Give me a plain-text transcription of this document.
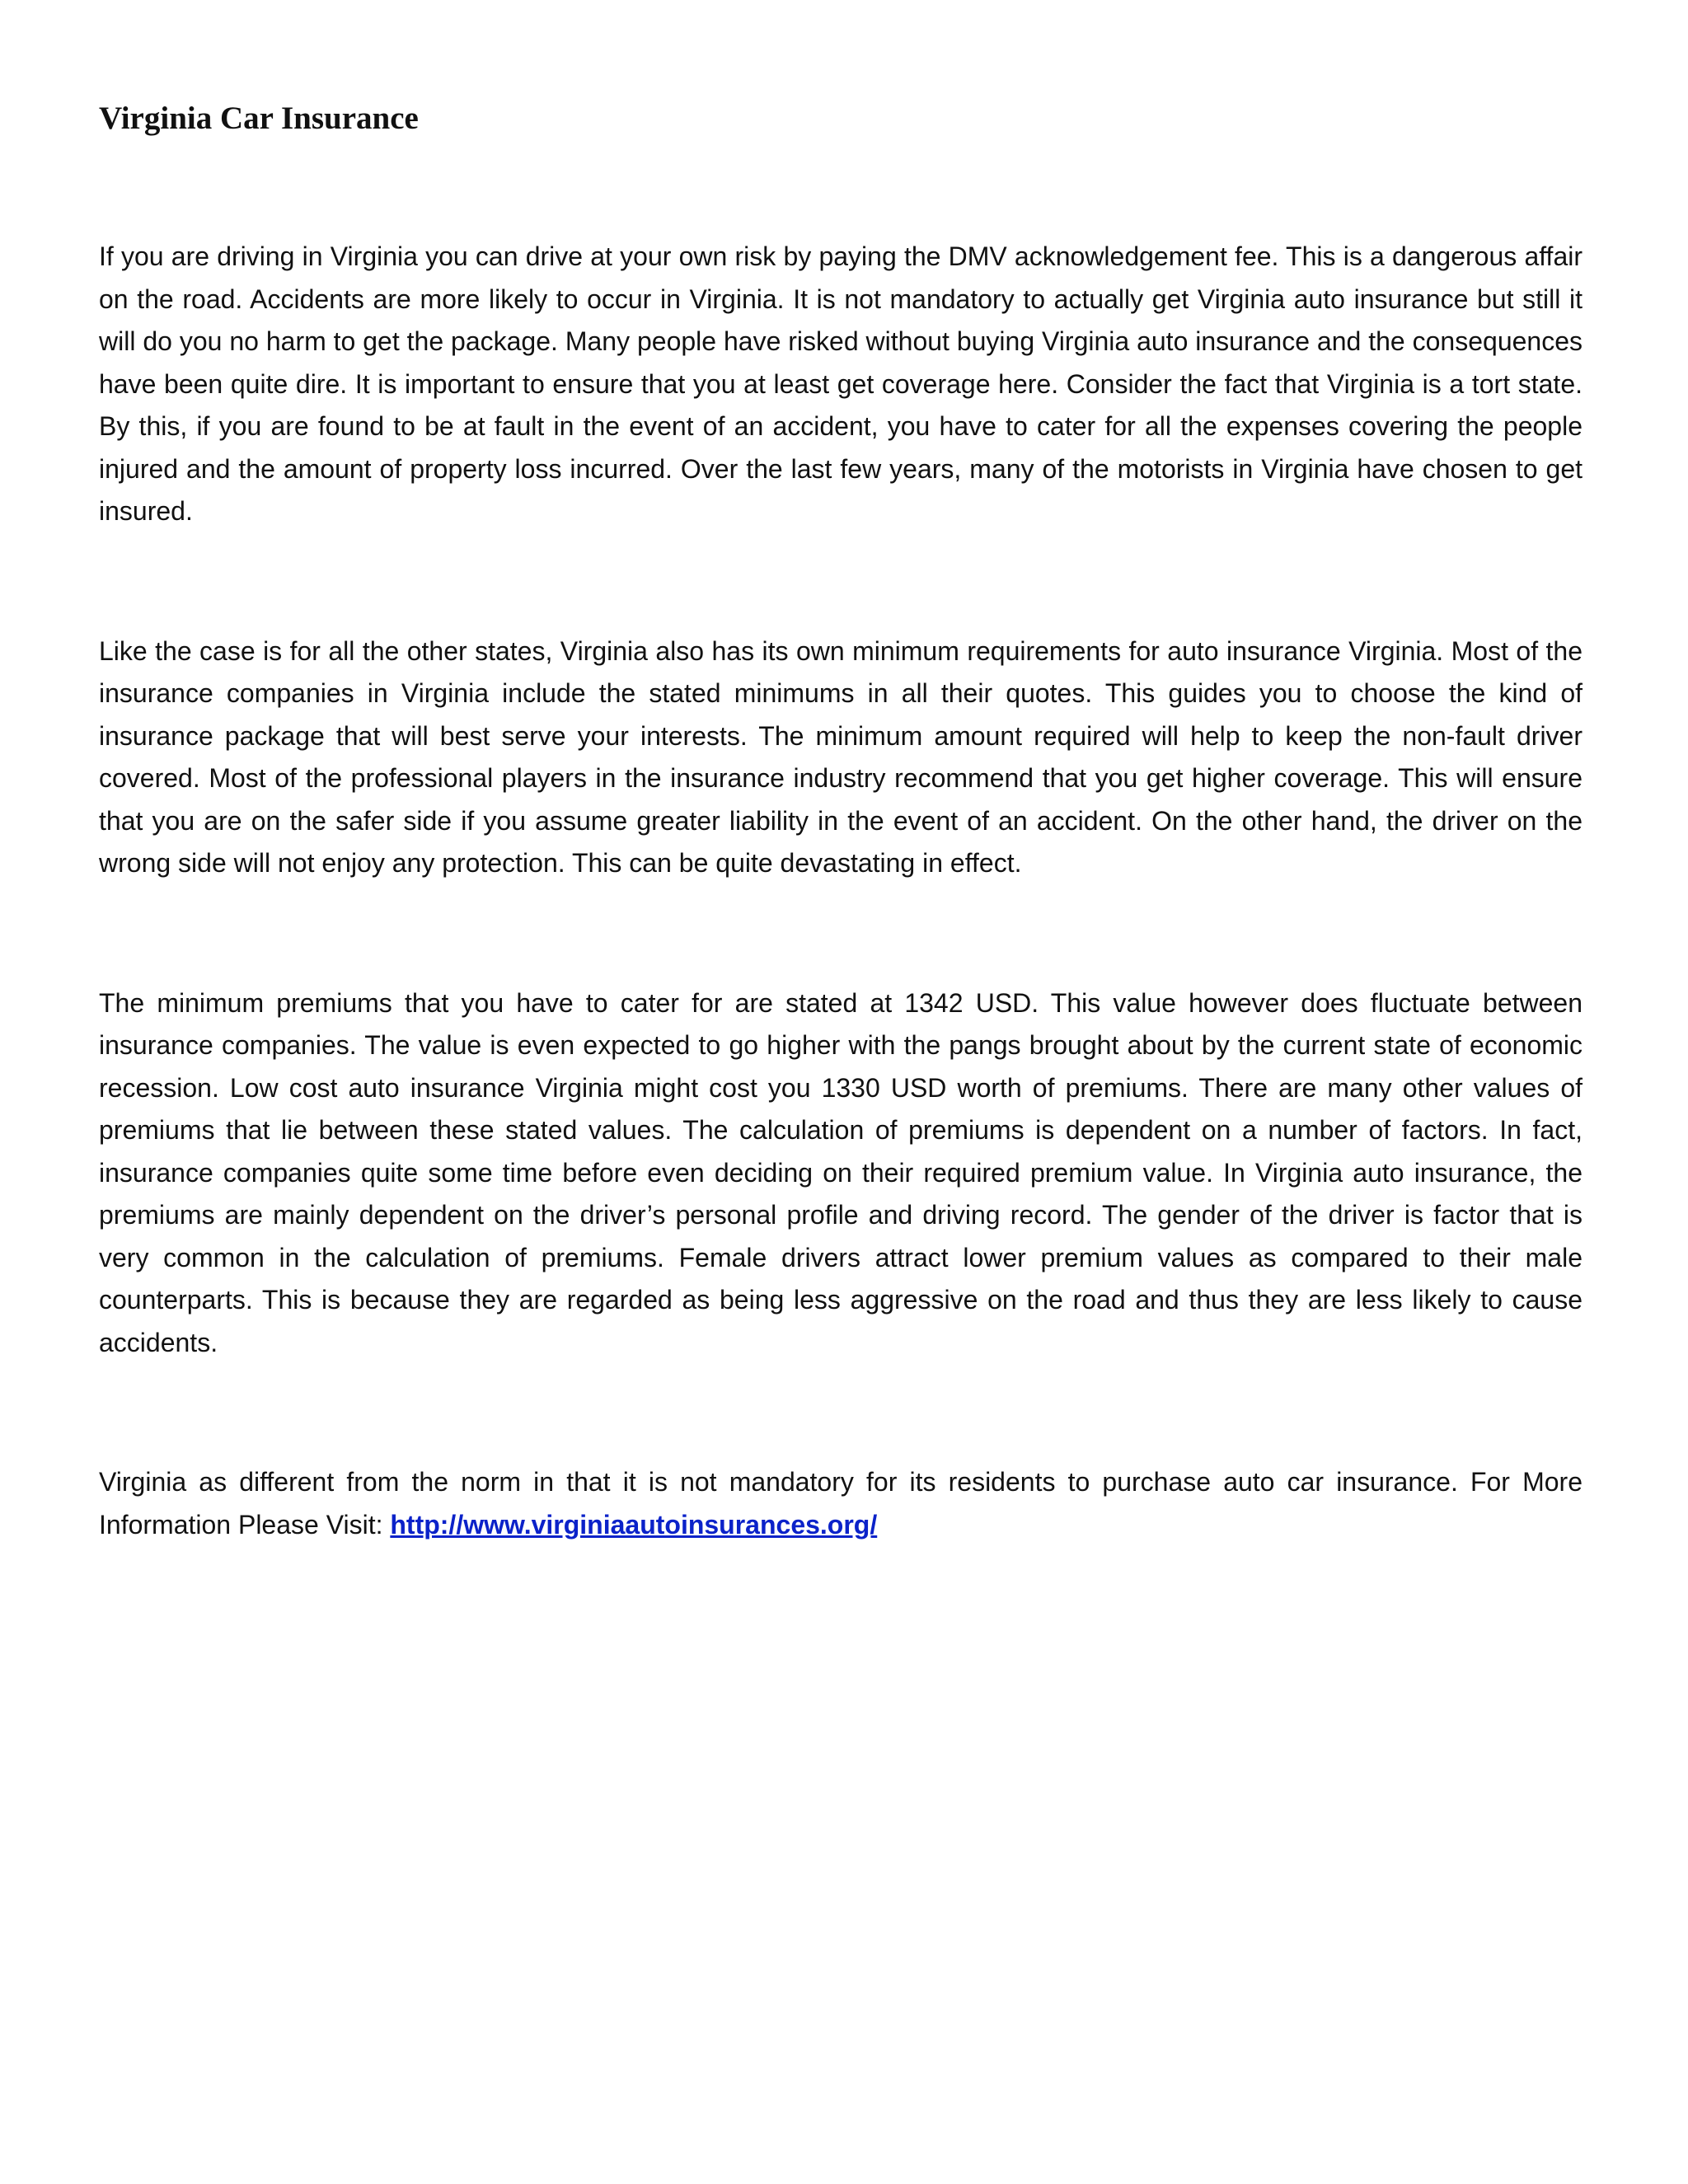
Virginia Car Insurance

If you are driving in Virginia you can drive at your own risk by paying the DMV acknowledgement fee. This is a dangerous affair on the road. Accidents are more likely to occur in Virginia. It is not mandatory to actually get Virginia auto insurance but still it will do you no harm to get the package. Many people have risked without buying Virginia auto insurance and the consequences have been quite dire. It is important to ensure that you at least get coverage here. Consider the fact that Virginia is a tort state. By this, if you are found to be at fault in the event of an accident, you have to cater for all the expenses covering the people injured and the amount of property loss incurred. Over the last few years, many of the motorists in Virginia have chosen to get insured.

Like the case is for all the other states, Virginia also has its own minimum requirements for auto insurance Virginia. Most of the insurance companies in Virginia include the stated minimums in all their quotes. This guides you to choose the kind of insurance package that will best serve your interests. The minimum amount required will help to keep the non-fault driver covered. Most of the professional players in the insurance industry recommend that you get higher coverage. This will ensure that you are on the safer side if you assume greater liability in the event of an accident. On the other hand, the driver on the wrong side will not enjoy any protection. This can be quite devastating in effect.

The minimum premiums that you have to cater for are stated at 1342 USD. This value however does fluctuate between insurance companies. The value is even expected to go higher with the pangs brought about by the current state of economic recession. Low cost auto insurance Virginia might cost you 1330 USD worth of premiums. There are many other values of premiums that lie between these stated values. The calculation of premiums is dependent on a number of factors. In fact, insurance companies quite some time before even deciding on their required premium value. In Virginia auto insurance, the premiums are mainly dependent on the driver’s personal profile and driving record. The gender of the driver is factor that is very common in the calculation of premiums. Female drivers attract lower premium values as compared to their male counterparts. This is because they are regarded as being less aggressive on the road and thus they are less likely to cause accidents.

Virginia as different from the norm in that it is not mandatory for its residents to purchase auto car insurance. For More Information Please Visit: http://www.virginiaautoinsurances.org/
